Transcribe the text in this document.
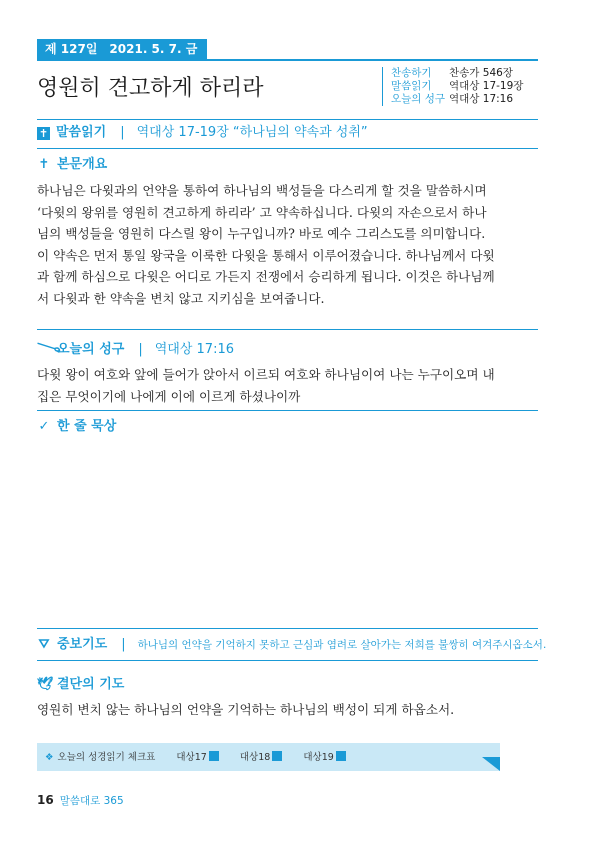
제 127일 2021. 5. 7. 금
영원히 견고하게 하리라
찬송하기 찬송가 546장
말씀읽기 역대상 17-19장
오늘의 성구 역대상 17:16
✝ 말씀읽기 | 역대상 17-19장 “하나님의 약속과 성취”
✝ 본문개요
하나님은 다윗과의 언약을 통하여 하나님의 백성들을 다스리게 할 것을 말씀하시며
‘다윗의 왕위를 영원히 견고하게 하리라’ 고 약속하십니다. 다윗의 자손으로서 하나
님의 백성들을 영원히 다스릴 왕이 누구입니까? 바로 예수 그리스도를 의미합니다.
이 약속은 먼저 통일 왕국을 이룩한 다윗을 통해서 이루어졌습니다. 하나님께서 다윗
과 함께 하심으로 다윗은 어디로 가든지 전쟁에서 승리하게 됩니다. 이것은 하나님께
서 다윗과 한 약속을 변치 않고 지키심을 보여줍니다.
𐃆오늘의 성구 | 역대상 17:16
다윗 왕이 여호와 앞에 들어가 앉아서 이르되 여호와 하나님이여 나는 누구이오며 내
집은 무엇이기에 나에게 이에 이르게 하셨나이까
✓ 한 줄 묵상
⛛ 중보기도 | 하나님의 언약을 기억하지 못하고 근심과 염려로 살아가는 저희를 불쌍히 여겨주시옵소서.
🕊 결단의 기도
영원히 변치 않는 하나님의 언약을 기억하는 하나님의 백성이 되게 하옵소서.
❖ 오늘의 성경읽기 체크표 대상17	대상18	대상19
16 말씀대로 365
